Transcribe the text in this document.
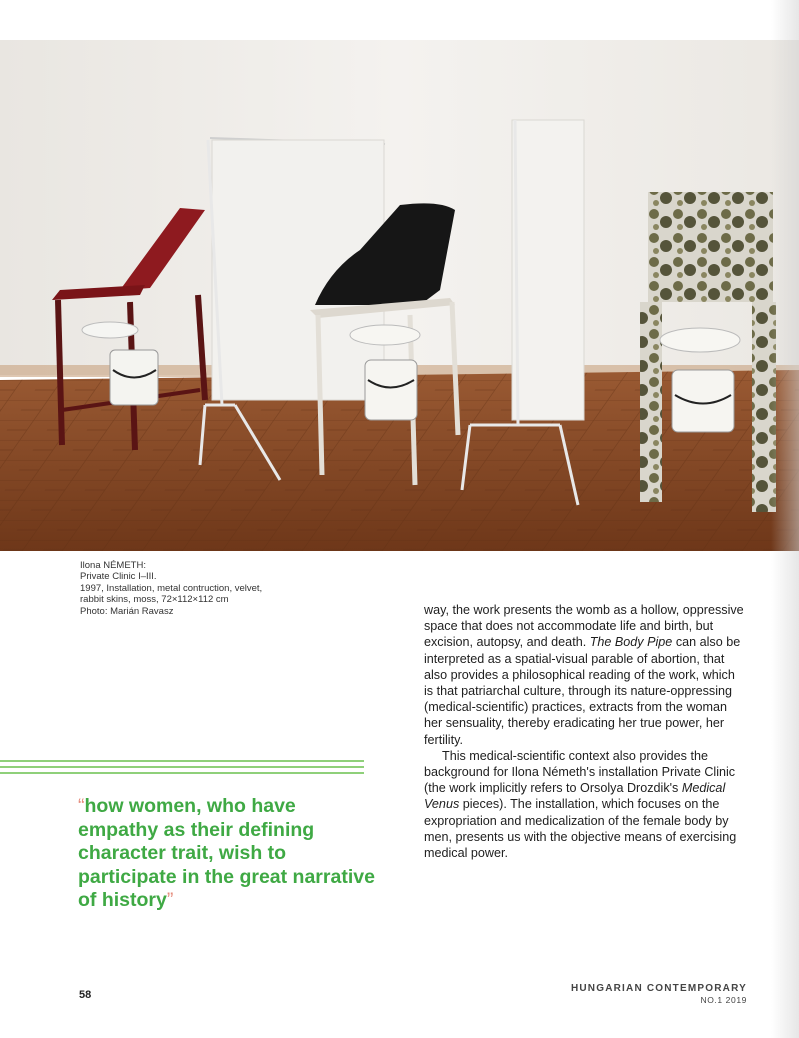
Ilona NÉMETH:
Private Clinic I–III.
1997, Installation, metal contruction, velvet,
rabbit skins, moss, 72×112×112 cm
Photo: Marián Ravasz	way, the work presents the womb as a hollow, oppressive space that does not accommodate life and birth, but excision, autopsy, and death. The Body Pipe can also be interpreted as a spatial-visual parable of abortion, that also provides a philosophical reading of the work, which is that patriarchal culture, through its nature-oppressing (medical-scientific) practices, extracts from the woman her sensuality, thereby eradicating her true power, her fertility.

This medical-scientific context also provides the background for Ilona Németh's installation Private Clinic (the work implicitly refers to Orsolya Drozdik's Medical Venus pieces). The installation, which focuses on the expropriation and medicalization of the female body by men, presents us with the objective means of exercising medical power.

“how women, who have empathy as their defining character trait, wish to participate in the great narrative of history”
58
HUNGARIAN CONTEMPORARY
NO.1 2019
